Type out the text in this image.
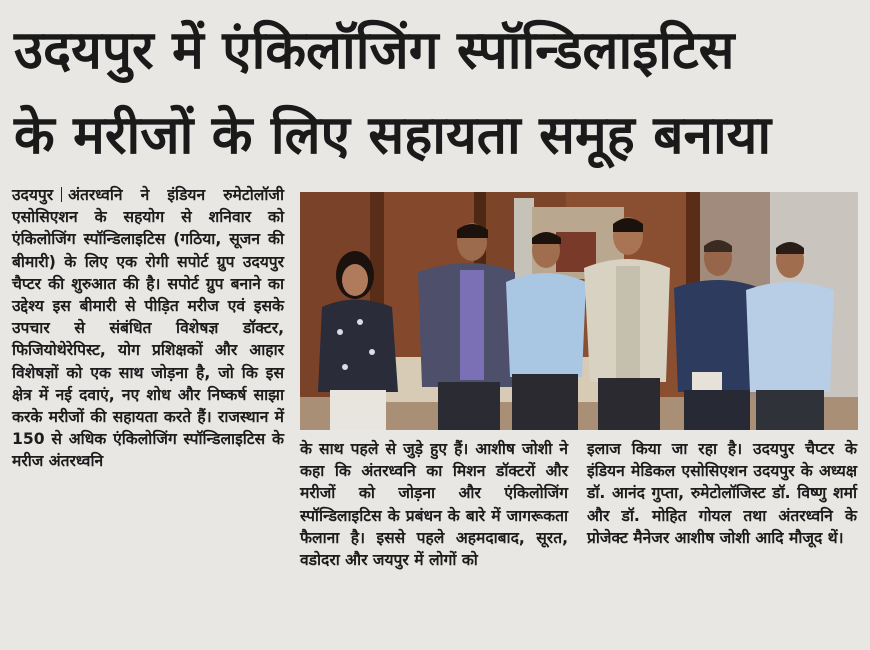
उदयपुर में एंकिलॉजिंग स्पॉन्डिलाइटिस
के मरीजों के लिए सहायता समूह बनाया
उदयपुर अंतरध्वनि ने इंडियन रुमेटोलॉजी एसोसिएशन के सहयोग से शनिवार को एंकिलोजिंग स्पॉन्डिलाइटिस (गठिया, सूजन की बीमारी) के लिए एक रोगी सपोर्ट ग्रुप उदयपुर चैप्टर की शुरुआत की है। सपोर्ट ग्रुप बनाने का उद्देश्य इस बीमारी से पीड़ित मरीज एवं इसके उपचार से संबंधित विशेषज्ञ डॉक्टर, फिजियोथेरेपिस्ट, योग प्रशिक्षकों और आहार विशेषज्ञों को एक साथ जोड़ना है, जो कि इस क्षेत्र में नई दवाएं, नए शोध और निष्कर्ष साझा करके मरीजों की सहायता करते हैं। राजस्थान में 150 से अधिक एंकिलोजिंग स्पॉन्डिलाइटिस के मरीज अंतरध्वनि
के साथ पहले से जुड़े हुए हैं। आशीष जोशी ने कहा कि अंतरध्वनि का मिशन डॉक्टरों और मरीजों को जोड़ना और एंकिलोजिंग स्पॉन्डिलाइटिस के प्रबंधन के बारे में जागरूकता फैलाना है। इससे पहले अहमदाबाद, सूरत, वडोदरा और जयपुर में लोगों को
इलाज किया जा रहा है। उदयपुर चैप्टर के इंडियन मेडिकल एसोसिएशन उदयपुर के अध्यक्ष डॉ. आनंद गुप्ता, रुमेटोलॉजिस्ट डॉ. विष्णु शर्मा और डॉ. मोहित गोयल तथा अंतरध्वनि के प्रोजेक्ट मैनेजर आशीष जोशी आदि मौजूद थें।
